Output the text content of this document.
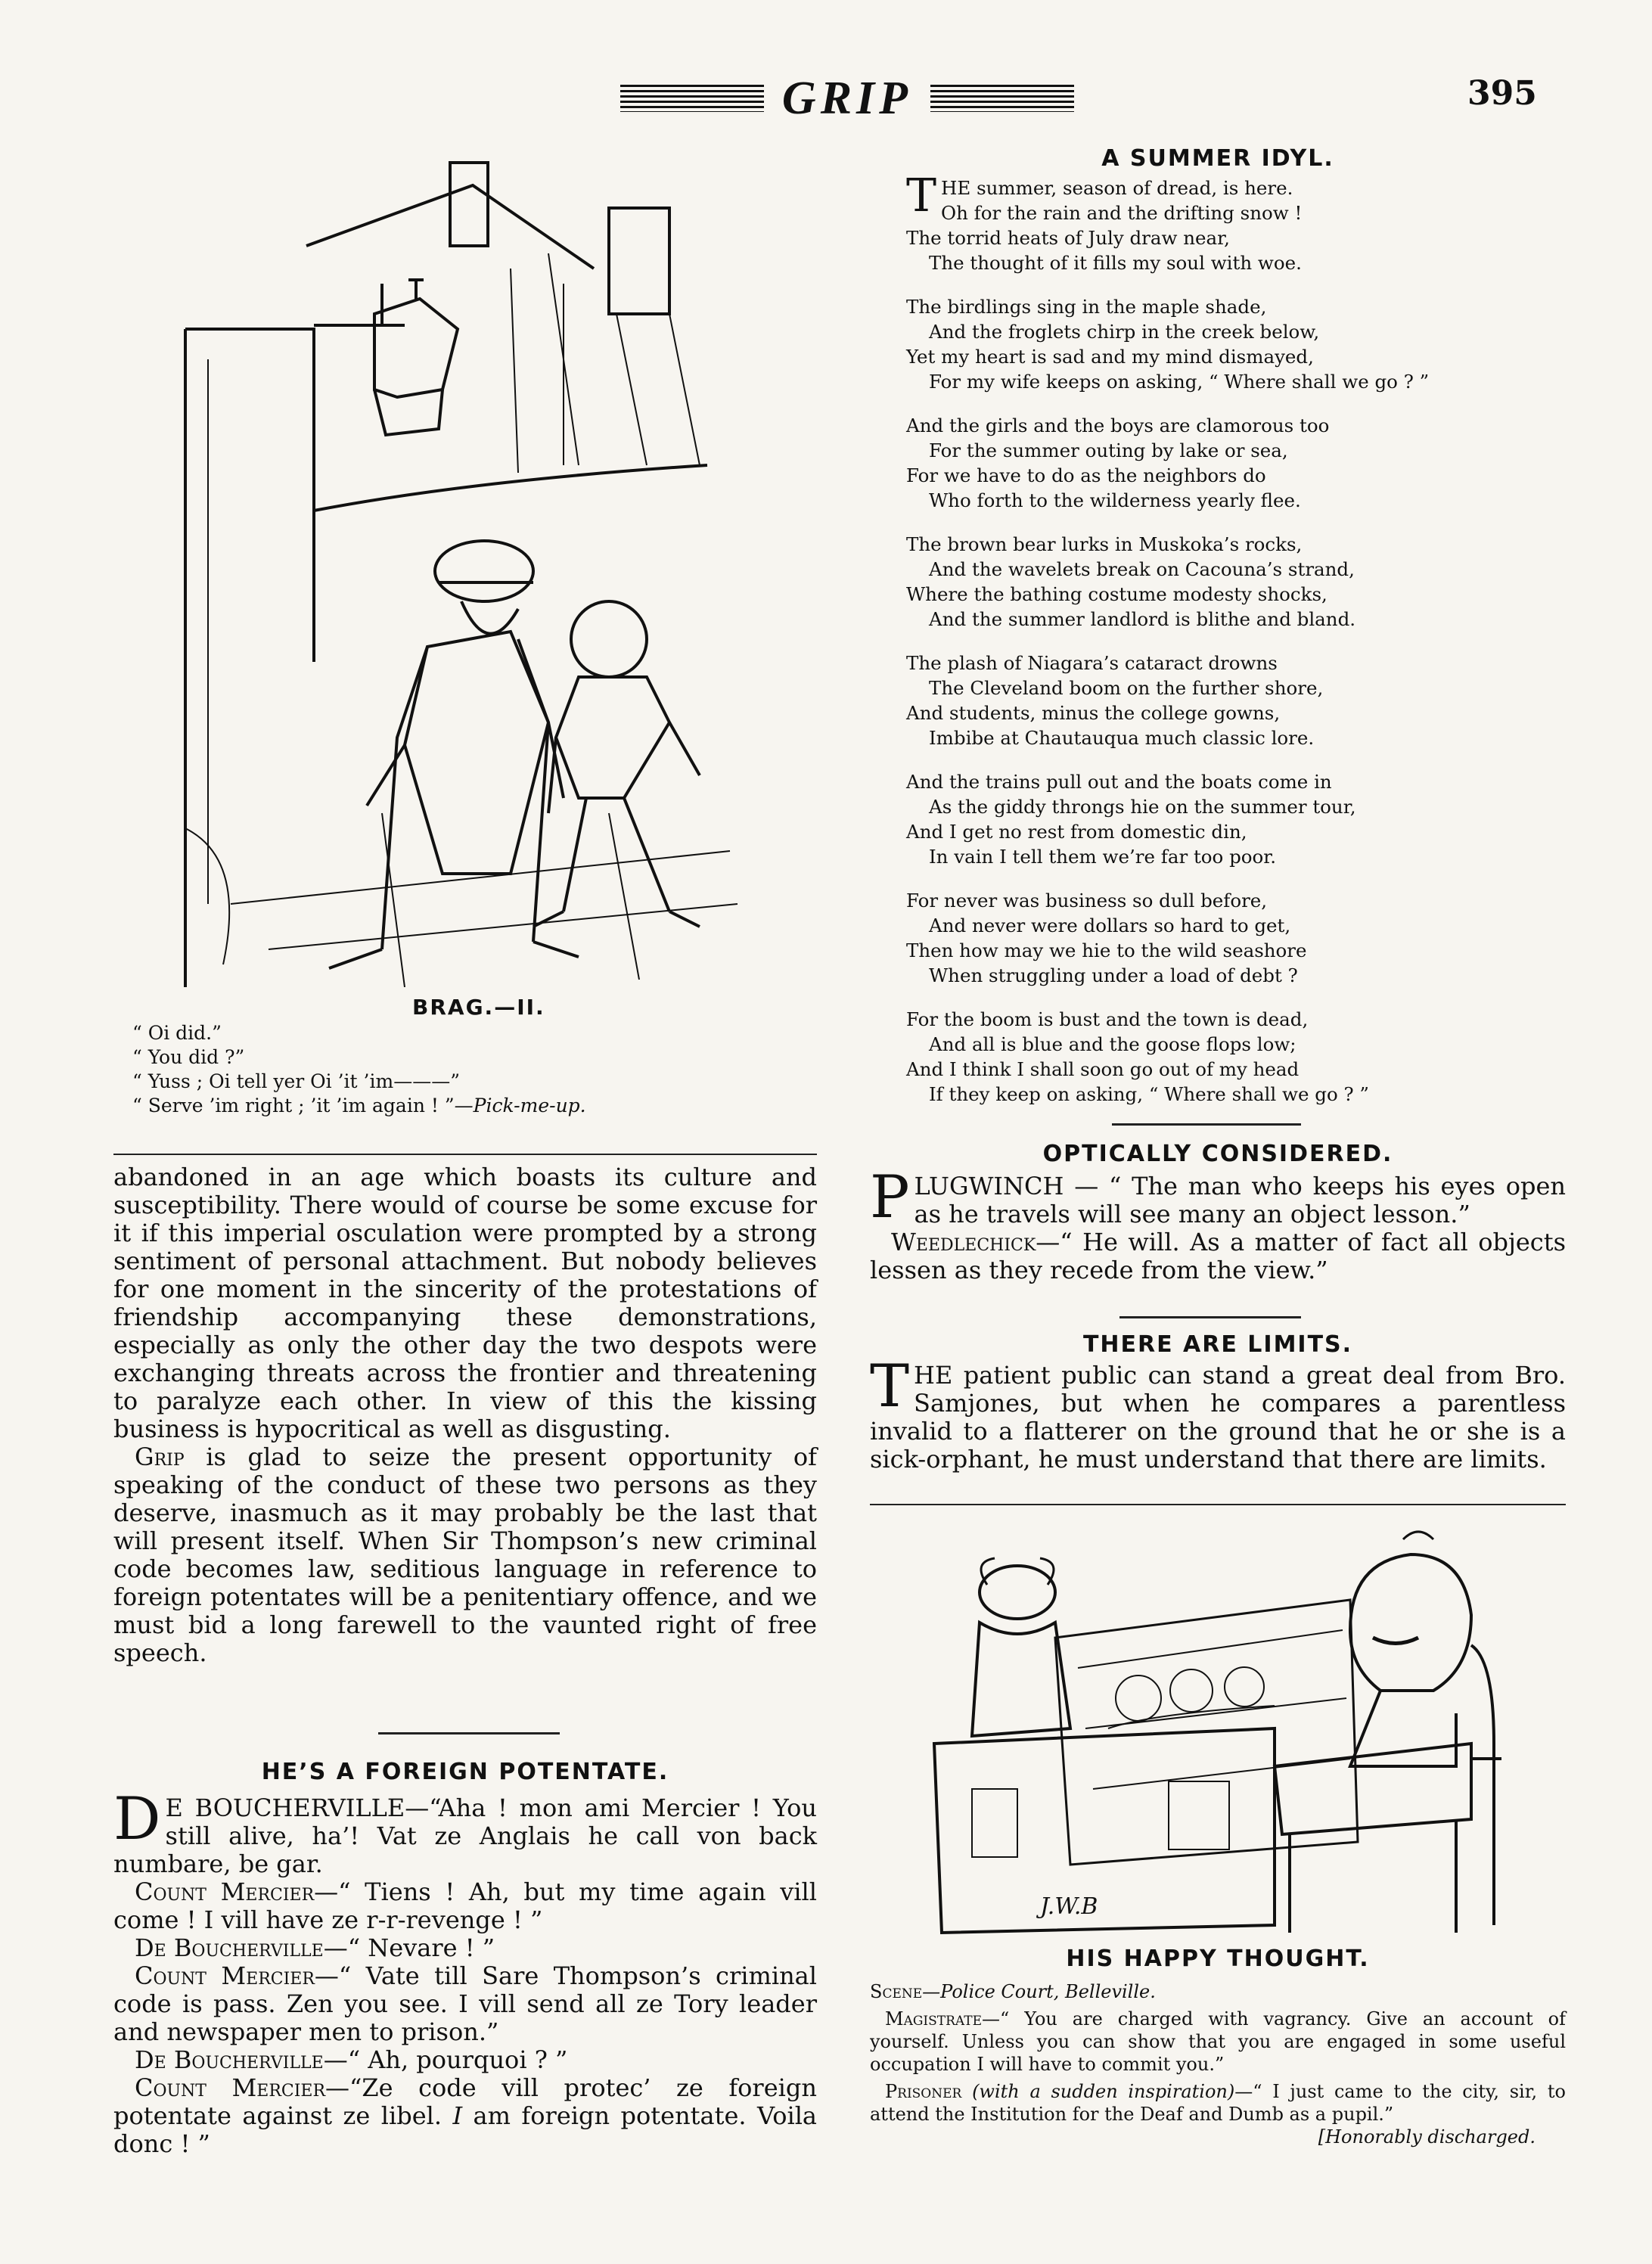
GRIP	395
BRAG.—II.
“ Oi did.”
“ You did ?”
“ Yuss ; Oi tell yer Oi ’it ’im———”
“ Serve ’im right ; ’it ’im again ! ”—Pick-me-up.

abandoned in an age which boasts its culture and susceptibility. There would of course be some excuse for it if this imperial osculation were prompted by a strong sentiment of personal attachment. But nobody believes for one moment in the sincerity of the protestations of friendship accompanying these demonstrations, especially as only the other day the two despots were exchanging threats across the frontier and threatening to paralyze each other. In view of this the kissing business is hypocritical as well as disgusting.

Grip is glad to seize the present opportunity of speaking of the conduct of these two persons as they deserve, inasmuch as it may probably be the last that will present itself. When Sir Thompson’s new criminal code becomes law, seditious language in reference to foreign potentates will be a penitentiary offence, and we must bid a long farewell to the vaunted right of free speech.

HE’S A FOREIGN POTENTATE.

D E BOUCHERVILLE—“Aha ! mon ami Mercier ! You still alive, ha’! Vat ze Anglais he call von back numbare, be gar.

Count Mercier—“ Tiens ! Ah, but my time again vill come ! I vill have ze r-r-revenge ! ”

De Boucherville—“ Nevare ! ”

Count Mercier—“ Vate till Sare Thompson’s criminal code is pass. Zen you see. I vill send all ze Tory leader and newspaper men to prison.”

De Boucherville—“ Ah, pourquoi ? ”

Count Mercier—“Ze code vill protec’ ze foreign potentate against ze libel. I am foreign potentate. Voila donc ! ”

A SUMMER IDYL.
THE summer, season of dread, is here.
Oh for the rain and the drifting snow !
The torrid heats of July draw near,
The thought of it fills my soul with woe.
The birdlings sing in the maple shade,
And the froglets chirp in the creek below,
Yet my heart is sad and my mind dismayed,
For my wife keeps on asking, “ Where shall we go ? ”
And the girls and the boys are clamorous too
For the summer outing by lake or sea,
For we have to do as the neighbors do
Who forth to the wilderness yearly flee.
The brown bear lurks in Muskoka’s rocks,
And the wavelets break on Cacouna’s strand,
Where the bathing costume modesty shocks,
And the summer landlord is blithe and bland.
The plash of Niagara’s cataract drowns
The Cleveland boom on the further shore,
And students, minus the college gowns,
Imbibe at Chautauqua much classic lore.
And the trains pull out and the boats come in
As the giddy throngs hie on the summer tour,
And I get no rest from domestic din,
In vain I tell them we’re far too poor.
For never was business so dull before,
And never were dollars so hard to get,
Then how may we hie to the wild seashore
When struggling under a load of debt ?
For the boom is bust and the town is dead,
And all is blue and the goose flops low;
And I think I shall soon go out of my head
If they keep on asking, “ Where shall we go ? ”
OPTICALLY CONSIDERED.

PLUGWINCH — “ The man who keeps his eyes open as he travels will see many an object lesson.”

Weedlechick—“ He will. As a matter of fact all objects lessen as they recede from the view.”

THERE ARE LIMITS.

THE patient public can stand a great deal from Bro. Samjones, but when he compares a parentless invalid to a flatterer on the ground that he or she is a sick-orphant, he must understand that there are limits.

J.W.B
HIS HAPPY THOUGHT.

Scene—Police Court, Belleville.

Magistrate—“ You are charged with vagrancy. Give an account of yourself. Unless you can show that you are engaged in some useful occupation I will have to commit you.”

Prisoner (with a sudden inspiration)—“ I just came to the city, sir, to attend the Institution for the Deaf and Dumb as a pupil.”

[Honorably discharged.
